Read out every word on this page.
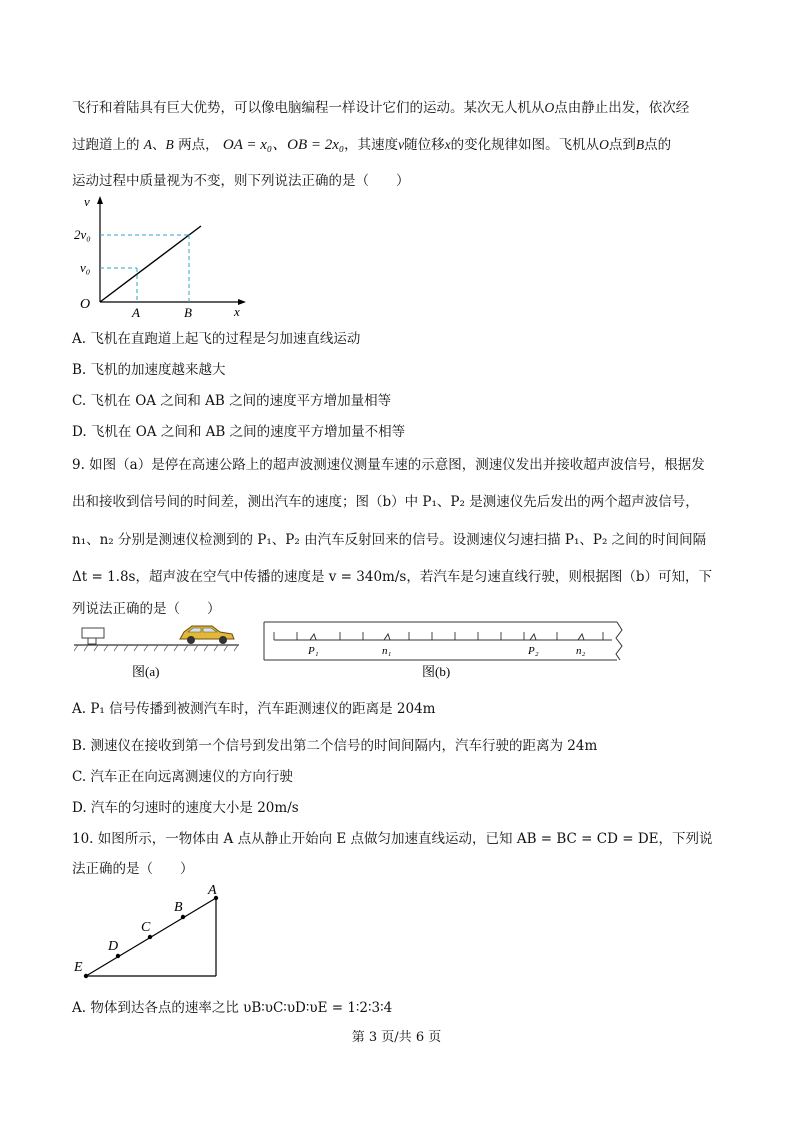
飞行和着陆具有巨大优势，可以像电脑编程一样设计它们的运动。某次无人机从O点由静止出发，依次经
过跑道上的 A、B 两点， OA = x₀、OB = 2x₀，其速度v随位移x的变化规律如图。飞机从O点到B点的
运动过程中质量视为不变，则下列说法正确的是（　　）
v
x
O
2v₀
v₀
A	B
A. 飞机在直跑道上起飞的过程是匀加速直线运动
B. 飞机的加速度越来越大
C. 飞机在 OA 之间和 AB 之间的速度平方增加量相等
D. 飞机在 OA 之间和 AB 之间的速度平方增加量不相等
9. 如图（a）是停在高速公路上的超声波测速仪测量车速的示意图，测速仪发出并接收超声波信号，根据发
出和接收到信号间的时间差，测出汽车的速度；图（b）中 P₁、P₂ 是测速仪先后发出的两个超声波信号，
n₁、n₂ 分别是测速仪检测到的 P₁、P₂ 由汽车反射回来的信号。设测速仪匀速扫描 P₁、P₂ 之间的时间间隔
Δt = 1.8s，超声波在空气中传播的速度是 v = 340m/s，若汽车是匀速直线行驶，则根据图（b）可知，下
列说法正确的是（　　）
图(a)
P₁	n₁	P₂	n₂
图(b)
A. P₁ 信号传播到被测汽车时，汽车距测速仪的距离是 204m
B. 测速仪在接收到第一个信号到发出第二个信号的时间间隔内，汽车行驶的距离为 24m
C. 汽车正在向远离测速仪的方向行驶
D. 汽车的匀速时的速度大小是 20m/s
10. 如图所示，一物体由 A 点从静止开始向 E 点做匀加速直线运动，已知 AB = BC = CD = DE，下列说
法正确的是（　　）
A
B
C
D
E
A. 物体到达各点的速率之比 υB∶υC∶υD∶υE = 1∶2∶3∶4
第 3 页/共 6 页
